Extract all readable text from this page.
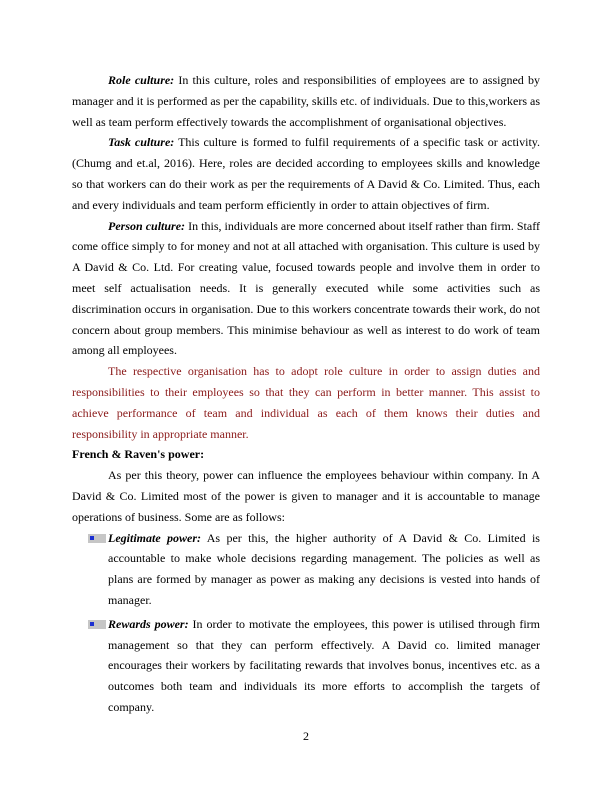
Role culture: In this culture, roles and responsibilities of employees are to assigned by manager and it is performed as per the capability, skills etc. of individuals. Due to this,workers as well as team perform effectively towards the accomplishment of organisational objectives.

Task culture: This culture is formed to fulfil requirements of a specific task or activity. (Chumg and et.al, 2016). Here, roles are decided according to employees skills and knowledge so that workers can do their work as per the requirements of A David & Co. Limited. Thus, each and every individuals and team perform efficiently in order to attain objectives of firm.

Person culture: In this, individuals are more concerned about itself rather than firm. Staff come office simply to for money and not at all attached with organisation. This culture is used by A David & Co. Ltd. For creating value, focused towards people and involve them in order to meet self actualisation needs. It is generally executed while some activities such as discrimination occurs in organisation. Due to this workers concentrate towards their work, do not concern about group members. This minimise behaviour as well as interest to do work of team among all employees.

The respective organisation has to adopt role culture in order to assign duties and responsibilities to their employees so that they can perform in better manner. This assist to achieve performance of team and individual as each of them knows their duties and responsibility in appropriate manner.

French & Raven's power:

As per this theory, power can influence the employees behaviour within company. In A David & Co. Limited most of the power is given to manager and it is accountable to manage operations of business. Some are as follows:

Legitimate power: As per this, the higher authority of A David & Co. Limited is accountable to make whole decisions regarding management. The policies as well as plans are formed by manager as power as making any decisions is vested into hands of manager.
Rewards power: In order to motivate the employees, this power is utilised through firm management so that they can perform effectively. A David co. limited manager encourages their workers by facilitating rewards that involves bonus, incentives etc. as a outcomes both team and individuals its more efforts to accomplish the targets of company.
2
